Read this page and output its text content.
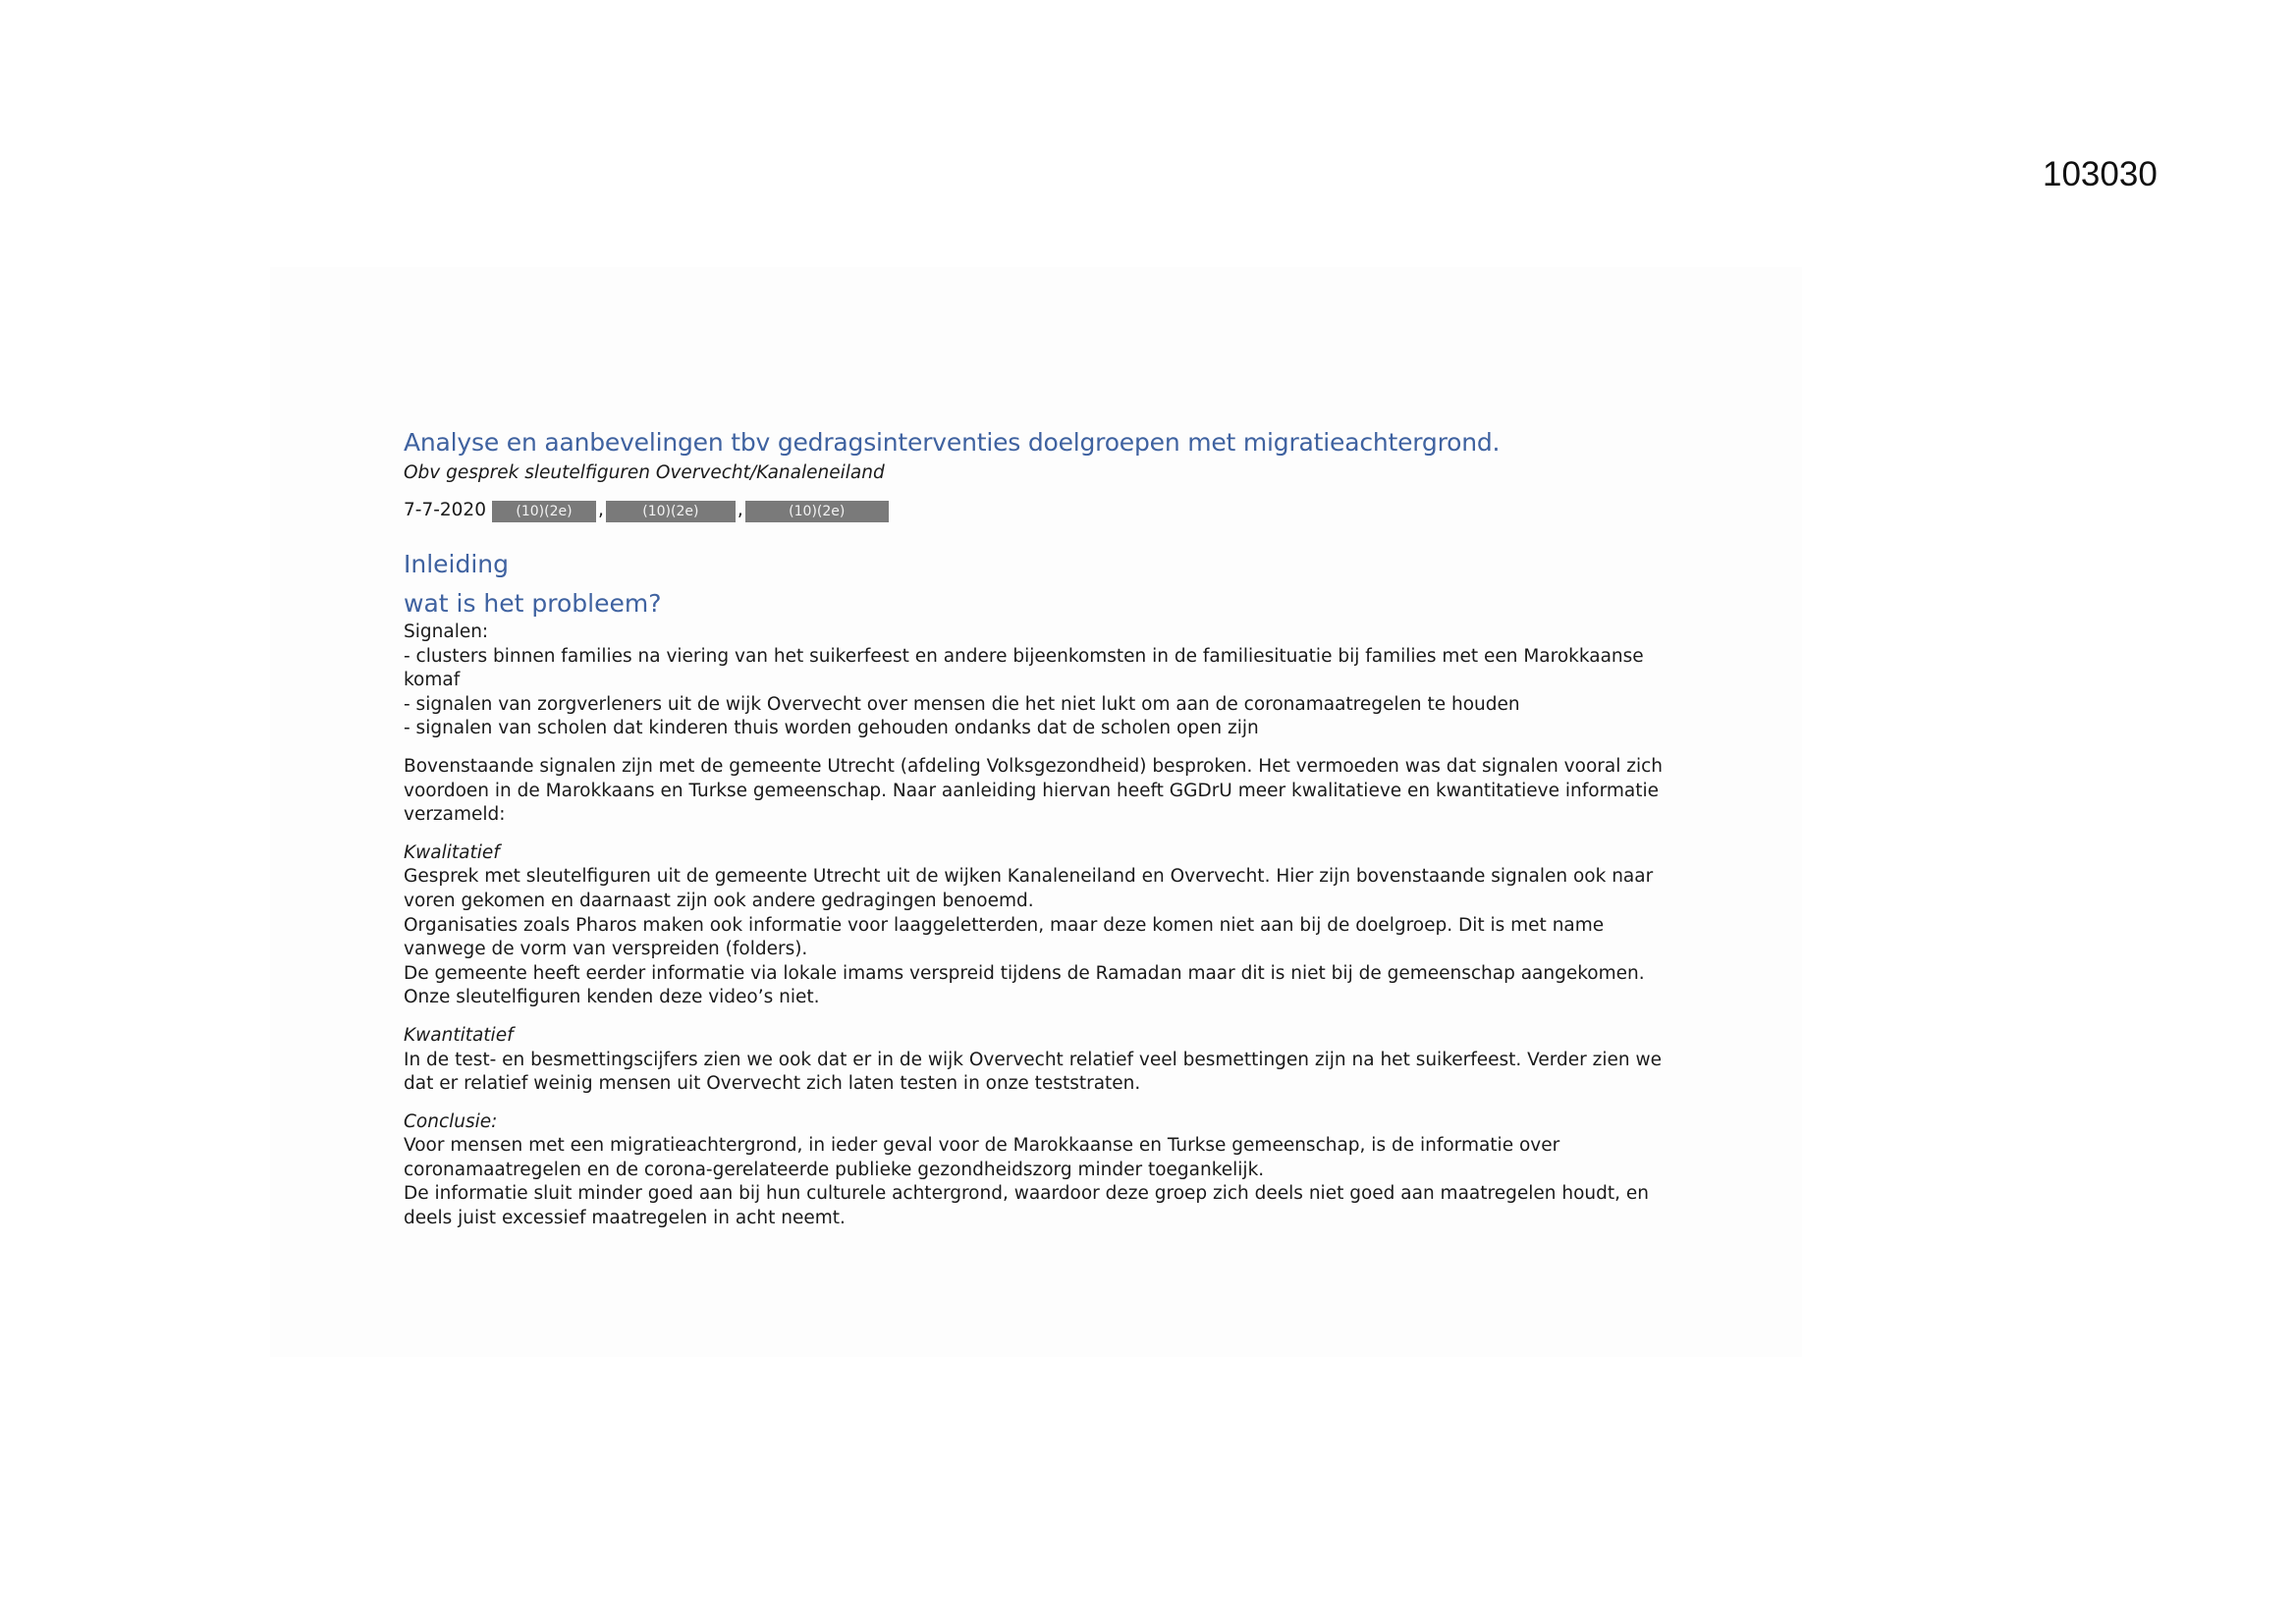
103030
Analyse en aanbevelingen tbv gedragsinterventies doelgroepen met migratieachtergrond.

Obv gesprek sleutelfiguren Overvecht/Kanaleneiland

7-7-2020	(10)(2e)	,	(10)(2e)	,	(10)(2e)
Inleiding
wat is het probleem?

Signalen:

- clusters binnen families na viering van het suikerfeest en andere bijeenkomsten in de familiesituatie bij families met een Marokkaanse
komaf

- signalen van zorgverleners uit de wijk Overvecht over mensen die het niet lukt om aan de coronamaatregelen te houden

- signalen van scholen dat kinderen thuis worden gehouden ondanks dat de scholen open zijn

Bovenstaande signalen zijn met de gemeente Utrecht (afdeling Volksgezondheid) besproken. Het vermoeden was dat signalen vooral zich
voordoen in de Marokkaans en Turkse gemeenschap. Naar aanleiding hiervan heeft GGDrU meer kwalitatieve en kwantitatieve informatie
verzameld:

Kwalitatief

Gesprek met sleutelfiguren uit de gemeente Utrecht uit de wijken Kanaleneiland en Overvecht. Hier zijn bovenstaande signalen ook naar
voren gekomen en daarnaast zijn ook andere gedragingen benoemd.

Organisaties zoals Pharos maken ook informatie voor laaggeletterden, maar deze komen niet aan bij de doelgroep. Dit is met name
vanwege de vorm van verspreiden (folders).

De gemeente heeft eerder informatie via lokale imams verspreid tijdens de Ramadan maar dit is niet bij de gemeenschap aangekomen.
Onze sleutelfiguren kenden deze video’s niet.

Kwantitatief

In de test- en besmettingscijfers zien we ook dat er in de wijk Overvecht relatief veel besmettingen zijn na het suikerfeest. Verder zien we
dat er relatief weinig mensen uit Overvecht zich laten testen in onze teststraten.

Conclusie:

Voor mensen met een migratieachtergrond, in ieder geval voor de Marokkaanse en Turkse gemeenschap, is de informatie over
coronamaatregelen en de corona-gerelateerde publieke gezondheidszorg minder toegankelijk.

De informatie sluit minder goed aan bij hun culturele achtergrond, waardoor deze groep zich deels niet goed aan maatregelen houdt, en
deels juist excessief maatregelen in acht neemt.
